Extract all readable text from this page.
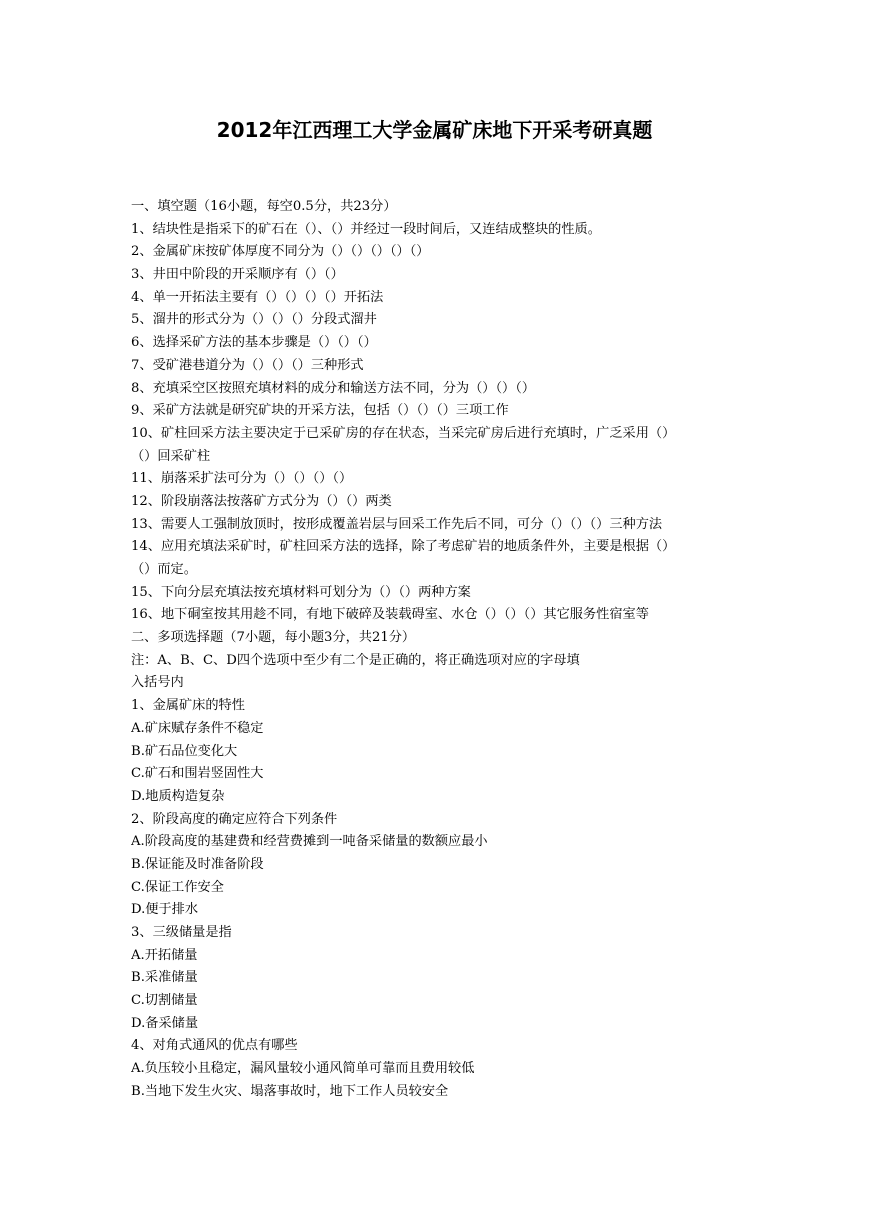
2012年江西理工大学金属矿床地下开采考研真题
一、填空题（16小题，每空0.5分，共23分）
1、结块性是指采下的矿石在（）、（）并经过一段时间后，又连结成整块的性质。
2、金属矿床按矿体厚度不同分为（）（）（）（）（）
3、井田中阶段的开采顺序有（）（）
4、单一开拓法主要有（）（）（）（）开拓法
5、溜井的形式分为（）（）（）分段式溜井
6、选择采矿方法的基本步骤是（）（）（）
7、受矿港巷道分为（）（）（）三种形式
8、充填采空区按照充填材料的成分和输送方法不同，分为（）（）（）
9、采矿方法就是研究矿块的开采方法，包括（）（）（）三项工作
10、矿柱回采方法主要决定于已采矿房的存在状态，当采完矿房后进行充填时，广乏采用（）
（）回采矿柱
11、崩落采扩法可分为（）（）（）（）
12、阶段崩落法按落矿方式分为（）（）两类
13、需要人工强制放顶时，按形成覆盖岩层与回采工作先后不同，可分（）（）（）三种方法
14、应用充填法采矿时，矿柱回采方法的选择，除了考虑矿岩的地质条件外，主要是根据（）
（）而定。
15、下向分层充填法按充填材料可划分为（）（）两种方案
16、地下硐室按其用趁不同，有地下破碎及装载碍室、水仓（）（）（）其它服务性宿室等
二、多项选择题（7小题，每小题3分，共21分）
注：A、B、C、D四个选项中至少有二个是正确的，将正确选项对应的字母填
入括号内
1、金属矿床的特性
A.矿床赋存条件不稳定
B.矿石品位变化大
C.矿石和围岩竖固性大
D.地质构造复杂
2、阶段高度的确定应符合下列条件
A.阶段高度的基建费和经营费摊到一吨备采储量的数额应最小
B.保证能及时准备阶段
C.保证工作安全
D.便于排水
3、三级储量是指
A.开拓储量
B.采准储量
C.切割储量
D.备采储量
4、对角式通风的优点有哪些
A.负压较小且稳定，漏风量较小通风简单可靠而且费用较低
B.当地下发生火灾、塌落事故时，地下工作人员较安全
